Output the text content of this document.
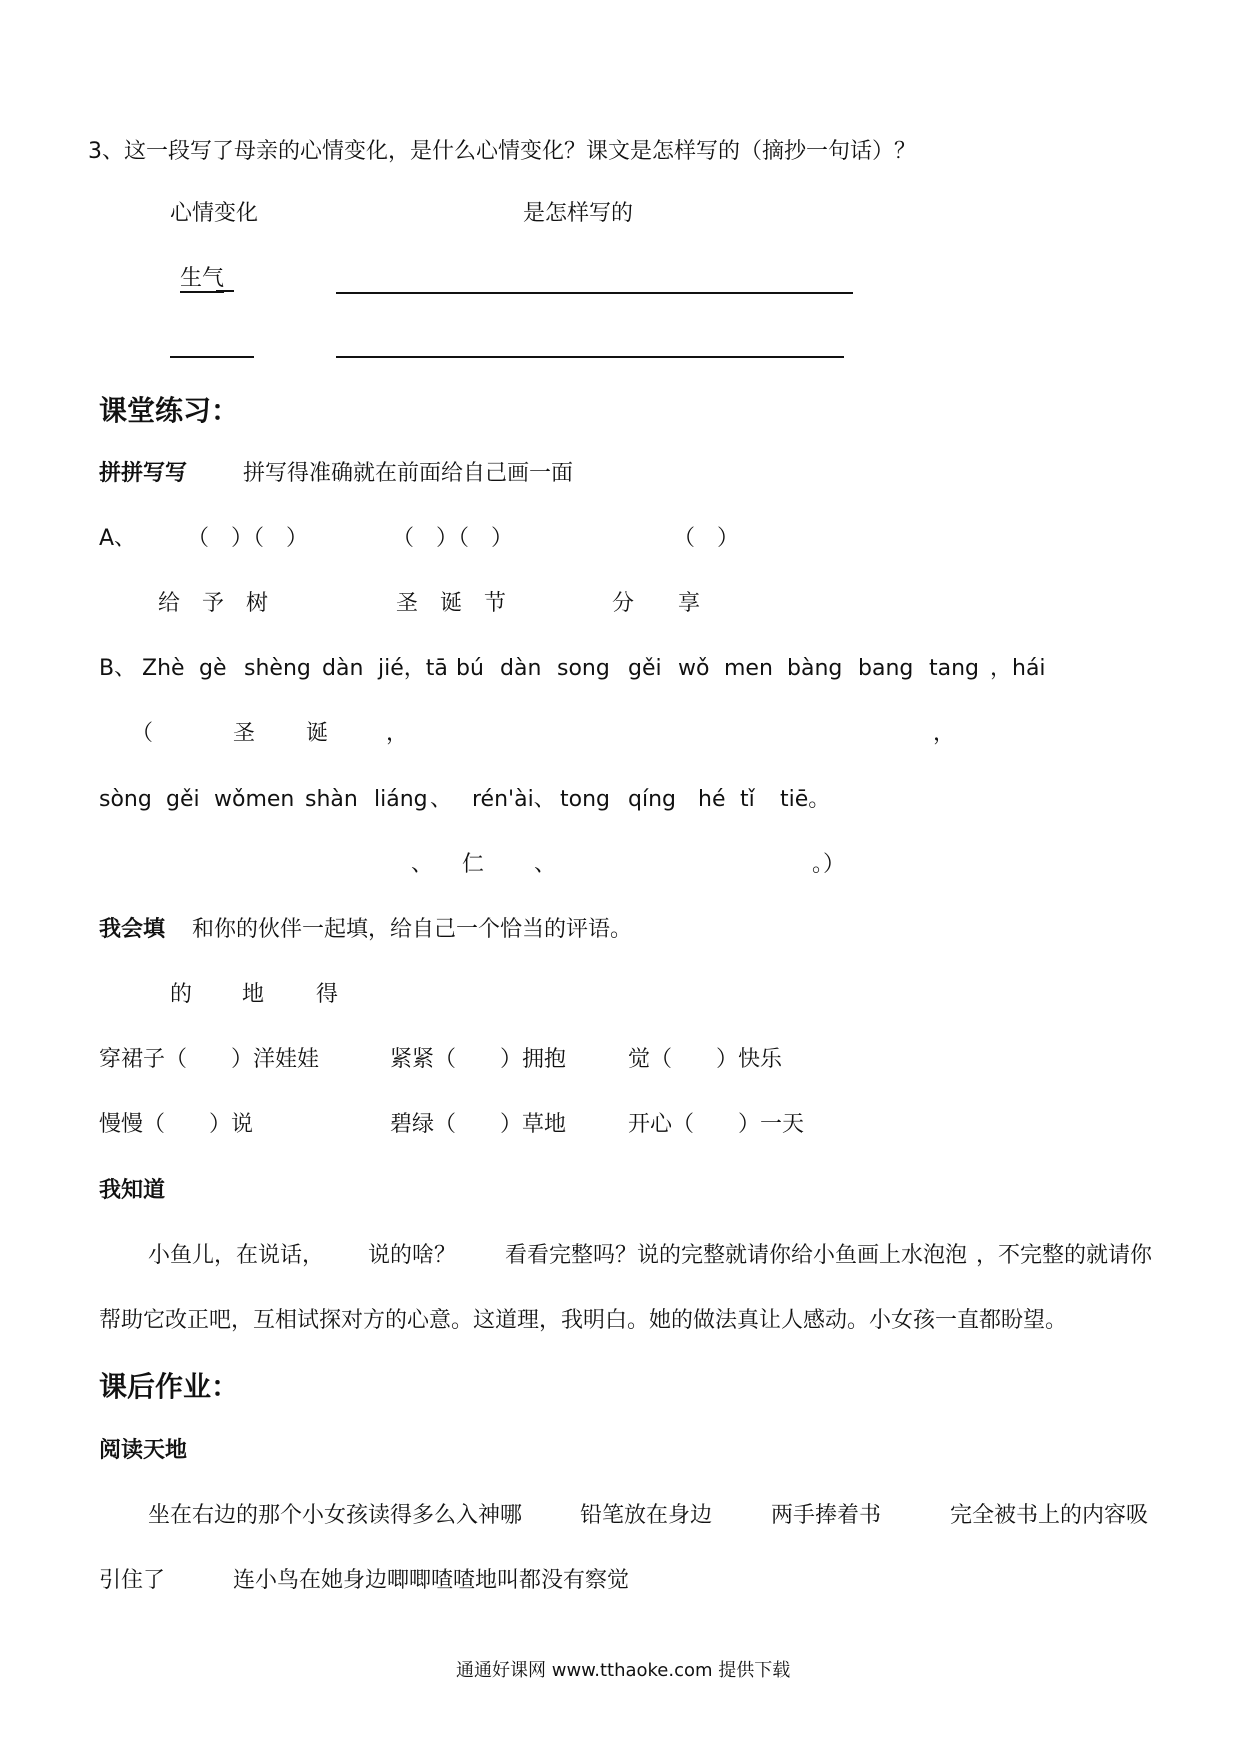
3、这一段写了母亲的心情变化，是什么心情变化？课文是怎样写的（摘抄一句话）？
心情变化	是怎样写的
生气
课堂练习：
拼拼写写	拼写得准确就在前面给自己画一面
A、 （　）（　）	（　）（　）	（　）
给　予　树	圣　诞　节	分　　享
B、 Zhè gè shèng dàn jié，tā bú dàn song gěi wǒ men bàng bang tang ，hái
（	圣 诞	，	，
sòng gěi wǒmen shàn liáng 、 rén'ài、 tong qíng hé tǐ tiē。
、 仁 、	。）
我会填 和你的伙伴一起填，给自己一个恰当的评语。
的 地 得
穿裙子（　　）洋娃娃	紧紧（　　）拥抱	觉（　　）快乐
慢慢（　　）说	碧绿（　　）草地	开心（　　）一天
我知道
小鱼儿，在说话， 说的啥？ 看看完整吗？说的完整就请你给小鱼画上水泡泡 ，不完整的就请你
帮助它改正吧，互相试探对方的心意。这道理，我明白。她的做法真让人感动。小女孩一直都盼望。
课后作业：
阅读天地
坐在右边的那个小女孩读得多么入神哪	铅笔放在身边	两手捧着书	完全被书上的内容吸
引住了	连小鸟在她身边唧唧喳喳地叫都没有察觉
通通好课网 www.tthaoke.com 提供下载
